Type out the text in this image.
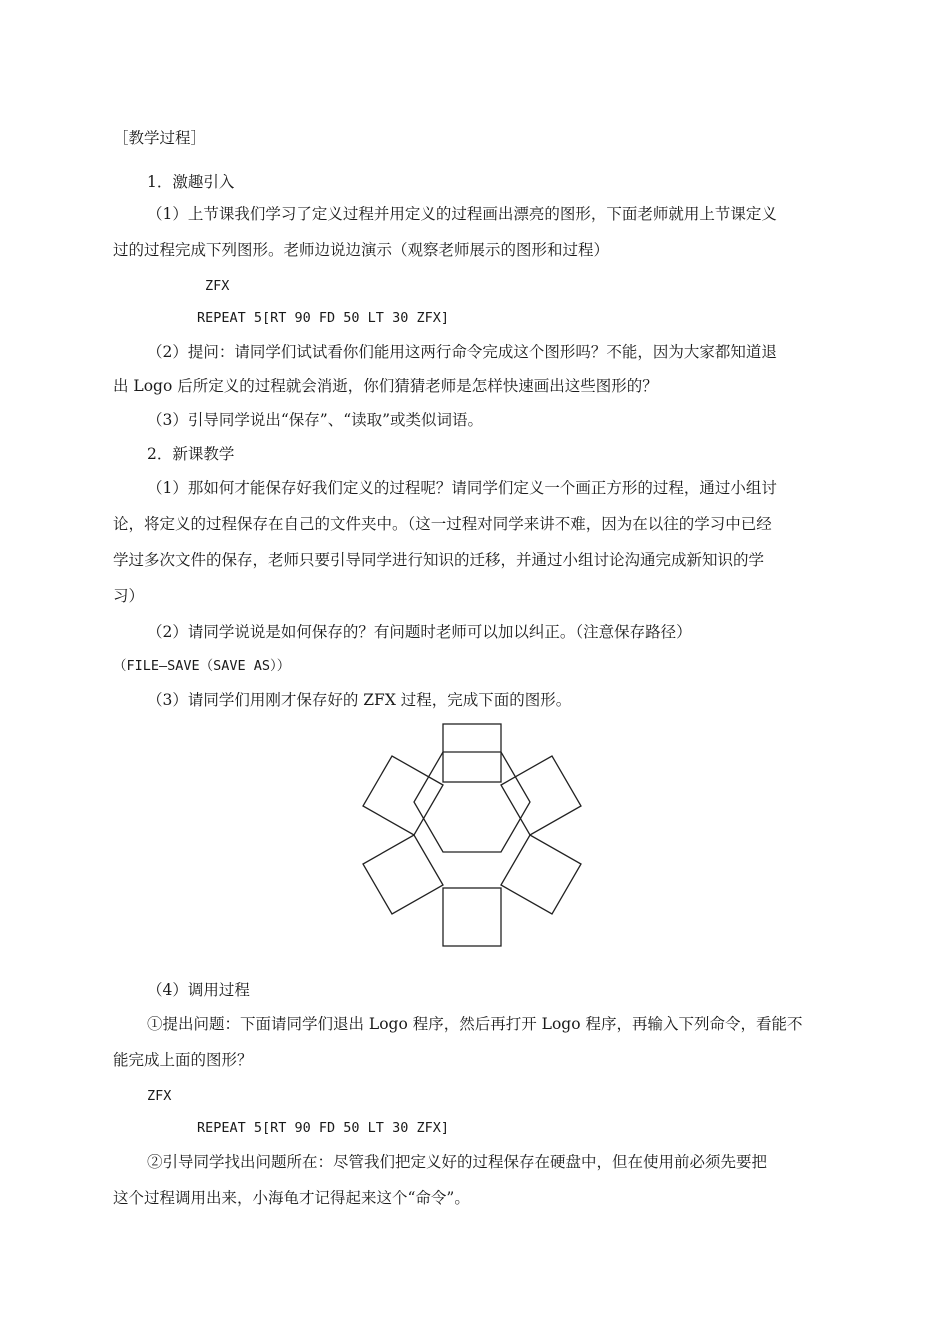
［教学过程］
1．激趣引入
（1）上节课我们学习了定义过程并用定义的过程画出漂亮的图形，下面老师就用上节课定义
过的过程完成下列图形。老师边说边演示（观察老师展示的图形和过程）
ZFX
REPEAT 5[RT 90 FD 50 LT 30 ZFX]
（2）提问：请同学们试试看你们能用这两行命令完成这个图形吗？不能，因为大家都知道退
出 Logo 后所定义的过程就会消逝，你们猜猜老师是怎样快速画出这些图形的？
（3）引导同学说出“保存”、“读取”或类似词语。
2．新课教学
（1）那如何才能保存好我们定义的过程呢？请同学们定义一个画正方形的过程，通过小组讨
论，将定义的过程保存在自己的文件夹中。（这一过程对同学来讲不难，因为在以往的学习中已经
学过多次文件的保存，老师只要引导同学进行知识的迁移，并通过小组讨论沟通完成新知识的学
习）
（2）请同学说说是如何保存的？有问题时老师可以加以纠正。（注意保存路径）
（FILE—SAVE（SAVE AS））
（3）请同学们用刚才保存好的 ZFX 过程，完成下面的图形。
（4）调用过程
①提出问题：下面请同学们退出 Logo 程序，然后再打开 Logo 程序，再输入下列命令，看能不
能完成上面的图形？
ZFX
REPEAT 5[RT 90 FD 50 LT 30 ZFX]
②引导同学找出问题所在：尽管我们把定义好的过程保存在硬盘中，但在使用前必须先要把
这个过程调用出来，小海龟才记得起来这个“命令”。
